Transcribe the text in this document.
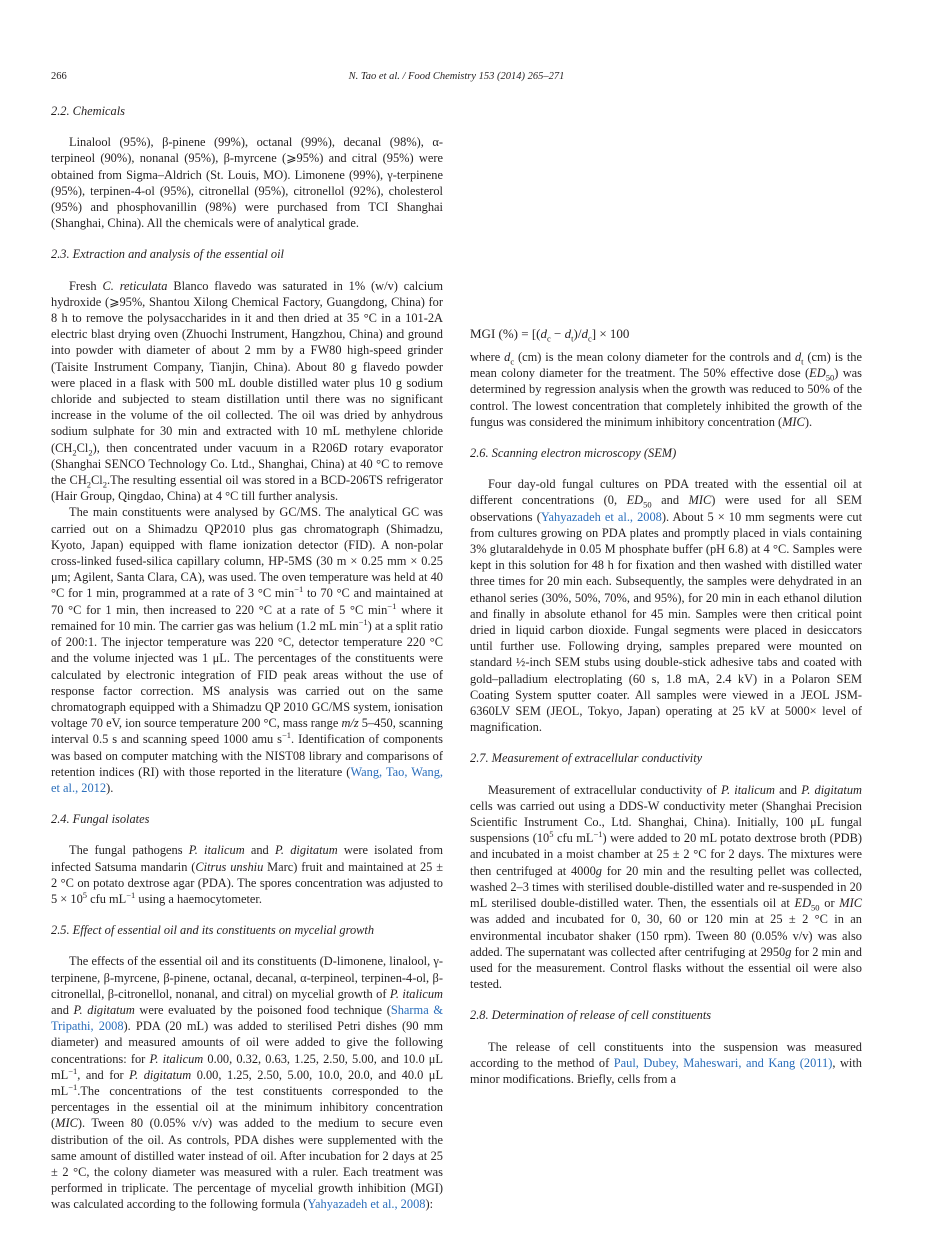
266	N. Tao et al. / Food Chemistry 153 (2014) 265–271
2.2. Chemicals

Linalool (95%), β-pinene (99%), octanal (99%), decanal (98%), α-terpineol (90%), nonanal (95%), β-myrcene (⩾95%) and citral (95%) were obtained from Sigma–Aldrich (St. Louis, MO). Limonene (99%), γ-terpinene (95%), terpinen-4-ol (95%), citronellal (95%), citronellol (92%), cholesterol (95%) and phosphovanillin (98%) were purchased from TCI Shanghai (Shanghai, China). All the chemicals were of analytical grade.

2.3. Extraction and analysis of the essential oil

Fresh C. reticulata Blanco flavedo was saturated in 1% (w/v) calcium hydroxide (⩾95%, Shantou Xilong Chemical Factory, Guangdong, China) for 8 h to remove the polysaccharides in it and then dried at 35 °C in a 101-2A electric blast drying oven (Zhuochi Instrument, Hangzhou, China) and ground into powder with diameter of about 2 mm by a FW80 high-speed grinder (Taisite Instrument Company, Tianjin, China). About 80 g flavedo powder were placed in a flask with 500 mL double distilled water plus 10 g sodium chloride and subjected to steam distillation until there was no significant increase in the volume of the oil collected. The oil was dried by anhydrous sodium sulphate for 30 min and extracted with 10 mL methylene chloride $(CH_2Cl_2)$, then concentrated under vacuum in a R206D rotary evaporator (Shanghai SENCO Technology Co. Ltd., Shanghai, China) at 40 °C to remove the $CH_2Cl_2.The$ resulting essential oil was stored in a BCD-206TS refrigerator (Hair Group, Qingdao, China) at 4 °C till further analysis.

The main constituents were analysed by GC/MS. The analytical GC was carried out on a Shimadzu QP2010 plus gas chromatograph (Shimadzu, Kyoto, Japan) equipped with flame ionization detector (FID). A non-polar cross-linked fused-silica capillary column, HP-5MS (30 m × 0.25 mm × 0.25 μm; Agilent, Santa Clara, CA), was used. The oven temperature was held at 40 °C for 1 min, programmed at a rate of 3 °C $\min^{-1}$ to 70 °C and maintained at 70 °C for 1 min, then increased to 220 °C at a rate of 5 °C $\min^{-1}$ where it remained for 10 min. The carrier gas was helium (1.2 mL $\min^{-1}$) at a split ratio of 200:1. The injector temperature was 220 °C, detector temperature 220 °C and the volume injected was 1 μL. The percentages of the constituents were calculated by electronic integration of FID peak areas without the use of response factor correction. MS analysis was carried out on the same chromatograph equipped with a Shimadzu QP 2010 GC/MS system, ionisation voltage 70 eV, ion source temperature 200 °C, mass range m/z 5–450, scanning interval 0.5 s and scanning speed 1000 amu $s^{-1}$. Identification of components was based on computer matching with the NIST08 library and comparisons of retention indices (RI) with those reported in the literature (Wang, Tao, Wang, et al., 2012).

2.4. Fungal isolates

The fungal pathogens P. italicum and P. digitatum were isolated from infected Satsuma mandarin (Citrus unshiu Marc) fruit and maintained at 25 ± 2 °C on potato dextrose agar (PDA). The spores concentration was adjusted to $5 \times 10^5$ cfu $mL^{-1}$ using a haemocytometer.

2.5. Effect of essential oil and its constituents on mycelial growth

The effects of the essential oil and its constituents (D-limonene, linalool, γ-terpinene, β-myrcene, β-pinene, octanal, decanal, α-terpineol, terpinen-4-ol, β-citronellal, β-citronellol, nonanal, and citral) on mycelial growth of P. italicum and P. digitatum were evaluated by the poisoned food technique (Sharma & Tripathi, 2008). PDA (20 mL) was added to sterilised Petri dishes (90 mm diameter) and measured amounts of oil were added to give the following concentrations: for P. italicum 0.00, 0.32, 0.63, 1.25, 2.50, 5.00, and 10.0 μL $mL^{-1}$, and for P. digitatum 0.00, 1.25, 2.50, 5.00, 10.0, 20.0, and 40.0 μL $mL^{-1}.The$ concentrations of the test constituents corresponded to the percentages in the essential oil at the minimum inhibitory concentration (MIC). Tween 80 (0.05% v/v) was added to the medium to secure even distribution of the oil. As controls, PDA dishes were supplemented with the same amount of distilled water instead of oil. After incubation for 2 days at 25 ± 2 °C, the colony diameter was measured with a ruler. Each treatment was performed in triplicate. The percentage of mycelial growth inhibition (MGI) was calculated according to the following formula (Yahyazadeh et al., 2008):

MGI (%) = $[(d_c - d_t)/d_c] \times 100$

where $d_c$ (cm) is the mean colony diameter for the controls and $d_t$ (cm) is the mean colony diameter for the treatment. The 50% effective dose $(ED_{50})$ was determined by regression analysis when the growth was reduced to 50% of the control. The lowest concentration that completely inhibited the growth of the fungus was considered the minimum inhibitory concentration (MIC).

2.6. Scanning electron microscopy (SEM)

Four day-old fungal cultures on PDA treated with the essential oil at different concentrations (0, $ED_{50}$ and MIC) were used for all SEM observations (Yahyazadeh et al., 2008). About 5 × 10 mm segments were cut from cultures growing on PDA plates and promptly placed in vials containing 3% glutaraldehyde in 0.05 M phosphate buffer (pH 6.8) at 4 °C. Samples were kept in this solution for 48 h for fixation and then washed with distilled water three times for 20 min each. Subsequently, the samples were dehydrated in an ethanol series (30%, 50%, 70%, and 95%), for 20 min in each ethanol dilution and finally in absolute ethanol for 45 min. Samples were then critical point dried in liquid carbon dioxide. Fungal segments were placed in desiccators until further use. Following drying, samples prepared were mounted on standard ½-inch SEM stubs using double-stick adhesive tabs and coated with gold–palladium electroplating (60 s, 1.8 mA, 2.4 kV) in a Polaron SEM Coating System sputter coater. All samples were viewed in a JEOL JSM-6360LV SEM (JEOL, Tokyo, Japan) operating at 25 kV at 5000× level of magnification.

2.7. Measurement of extracellular conductivity

Measurement of extracellular conductivity of P. italicum and P. digitatum cells was carried out using a DDS-W conductivity meter (Shanghai Precision Scientific Instrument Co., Ltd. Shanghai, China). Initially, 100 μL fungal suspensions ($10^5$ cfu $mL^{-1}$) were added to 20 mL potato dextrose broth (PDB) and incubated in a moist chamber at 25 ± 2 °C for 2 days. The mixtures were then centrifuged at 4000g for 20 min and the resulting pellet was collected, washed 2–3 times with sterilised double-distilled water and re-suspended in 20 mL sterilised double-distilled water. Then, the essentials oil at $ED_{50}$ or MIC was added and incubated for 0, 30, 60 or 120 min at 25 ± 2 °C in an environmental incubator shaker (150 rpm). Tween 80 (0.05% v/v) was also added. The supernatant was collected after centrifuging at 2950g for 2 min and used for the measurement. Control flasks without the essential oil were also tested.

2.8. Determination of release of cell constituents

The release of cell constituents into the suspension was measured according to the method of Paul, Dubey, Maheswari, and Kang (2011), with minor modifications. Briefly, cells from a
